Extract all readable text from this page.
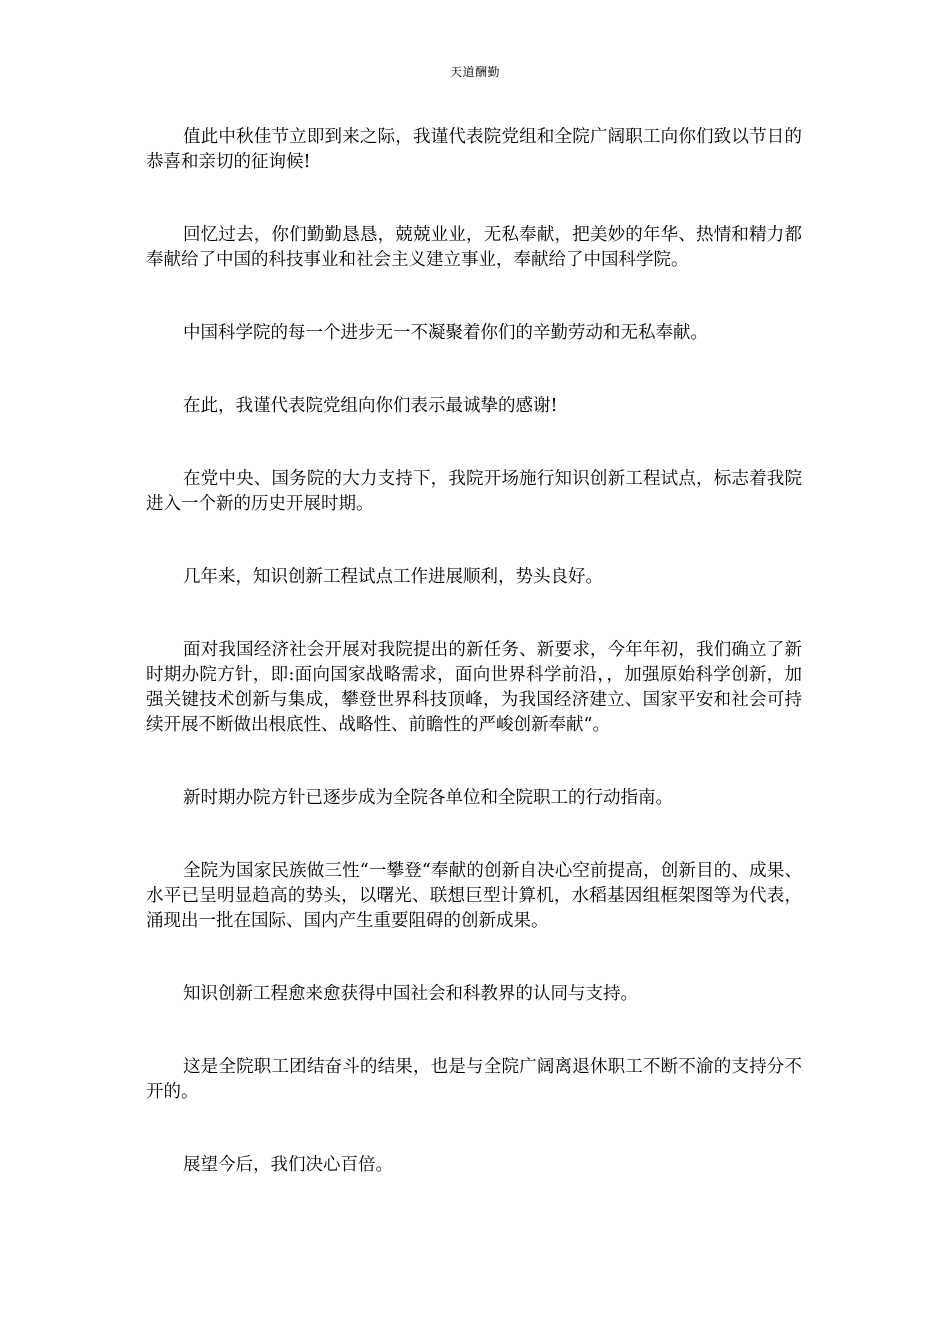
天道酬勤

值此中秋佳节立即到来之际，我谨代表院党组和全院广阔职工向你们致以节日的恭喜和亲切的征询候!

回忆过去，你们勤勤恳恳，兢兢业业，无私奉献，把美妙的年华、热情和精力都奉献给了中国的科技事业和社会主义建立事业，奉献给了中国科学院。

中国科学院的每一个进步无一不凝聚着你们的辛勤劳动和无私奉献。

在此，我谨代表院党组向你们表示最诚挚的感谢!

在党中央、国务院的大力支持下，我院开场施行知识创新工程试点，标志着我院进入一个新的历史开展时期。

几年来，知识创新工程试点工作进展顺利，势头良好。

面对我国经济社会开展对我院提出的新任务、新要求，今年年初，我们确立了新时期办院方针，即:面向国家战略需求，面向世界科学前沿，，加强原始科学创新，加强关键技术创新与集成，攀登世界科技顶峰，为我国经济建立、国家平安和社会可持续开展不断做出根底性、战略性、前瞻性的严峻创新奉献“。

新时期办院方针已逐步成为全院各单位和全院职工的行动指南。

全院为国家民族做三性“一攀登“奉献的创新自决心空前提高，创新目的、成果、水平已呈明显趋高的势头，以曙光、联想巨型计算机，水稻基因组框架图等为代表，涌现出一批在国际、国内产生重要阻碍的创新成果。

知识创新工程愈来愈获得中国社会和科教界的认同与支持。

这是全院职工团结奋斗的结果，也是与全院广阔离退休职工不断不渝的支持分不开的。

展望今后，我们决心百倍。
